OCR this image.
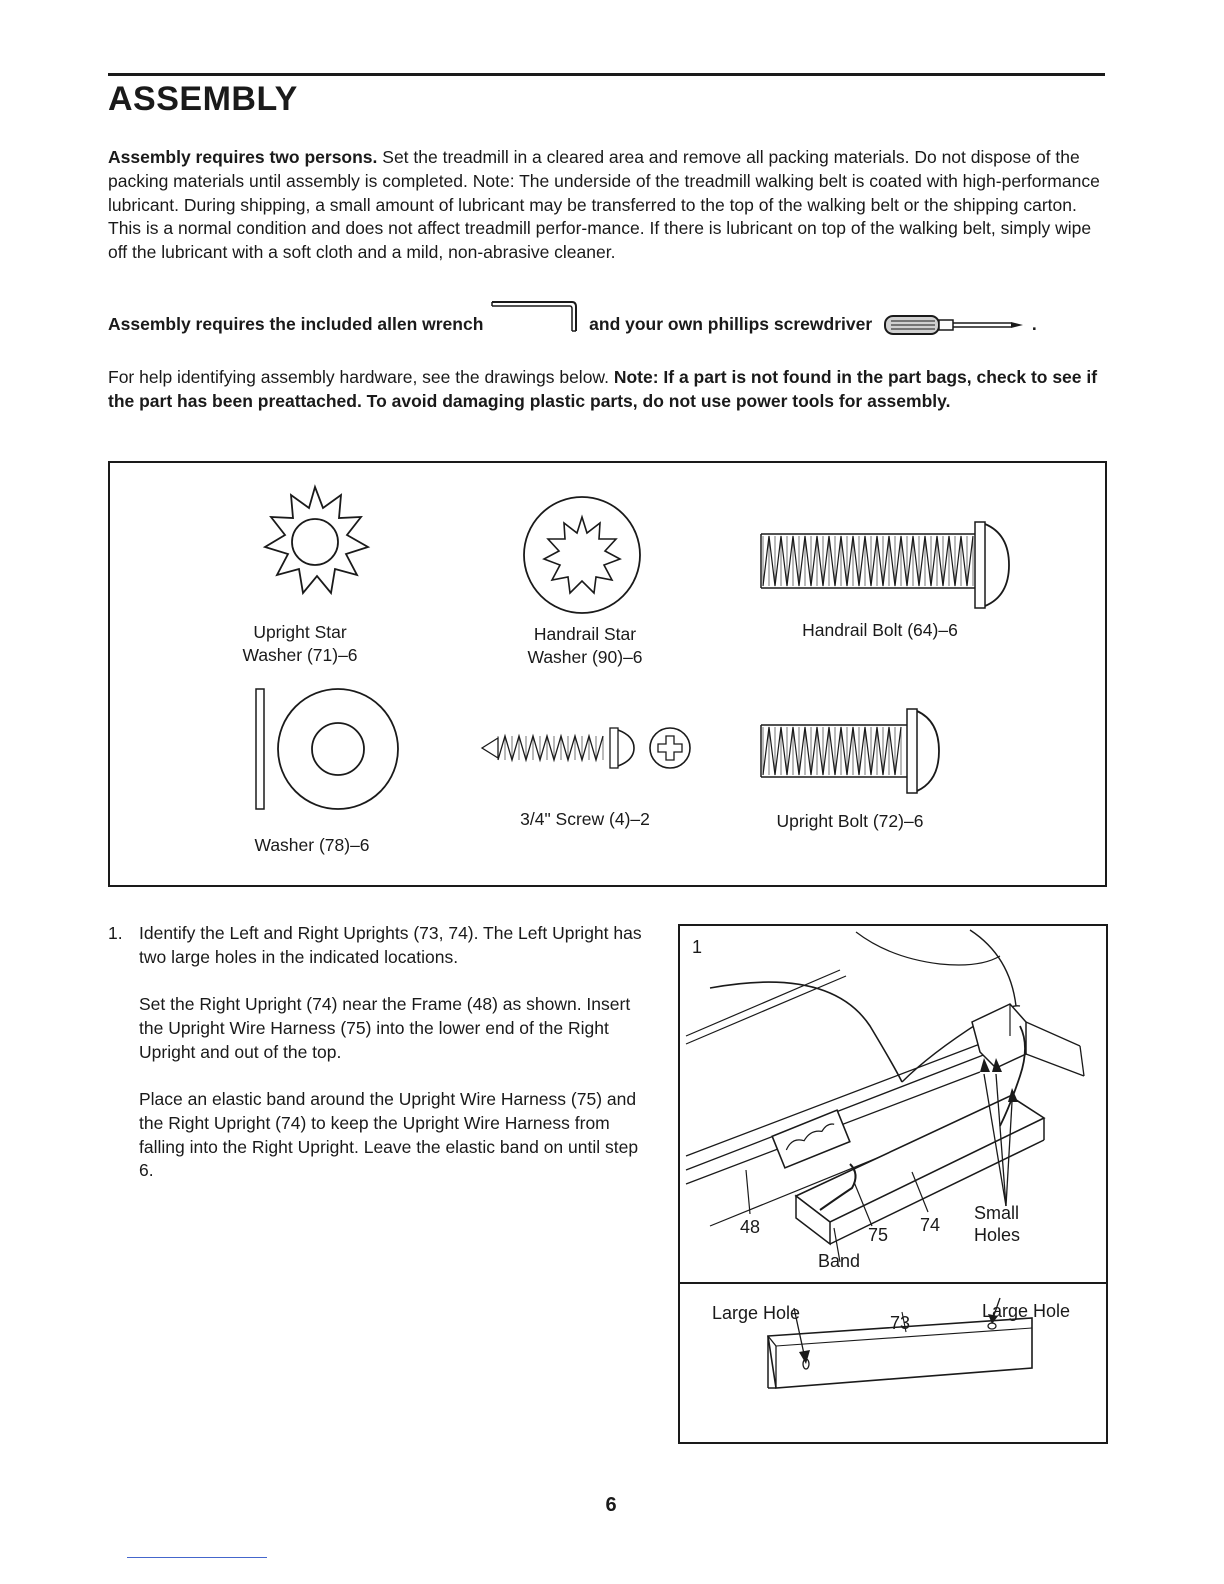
ASSEMBLY

Assembly requires two persons. Set the treadmill in a cleared area and remove all packing materials. Do not dispose of the packing materials until assembly is completed. Note: The underside of the treadmill walking belt is coated with high-performance lubricant. During shipping, a small amount of lubricant may be transferred to the top of the walking belt or the shipping carton. This is a normal condition and does not affect treadmill perfor-mance. If there is lubricant on top of the walking belt, simply wipe off the lubricant with a soft cloth and a mild, non-abrasive cleaner.

Assembly requires the included allen wrench	and your own phillips screwdriver	.

For help identifying assembly hardware, see the drawings below. Note: If a part is not found in the part bags, check to see if the part has been preattached. To avoid damaging plastic parts, do not use power tools for assembly.

Upright Star
Washer (71)–6

Handrail Star
Washer (90)–6

Handrail Bolt (64)–6

Washer (78)–6

3/4" Screw (4)–2	Upright Bolt (72)–6

1. Identify the Left and Right Uprights (73, 74). The Left Upright has two large holes in the indicated locations.

Set the Right Upright (74) near the Frame (48) as shown. Insert the Upright Wire Harness (75) into the lower end of the Right Upright and out of the top.

Place an elastic band around the Upright Wire Harness (75) and the Right Upright (74) to keep the Upright Wire Harness from falling into the Right Upright. Leave the elastic band on until step 6.

1

48	75 74

Band

Small
Holes

Large Hole	73

Large Hole

6
